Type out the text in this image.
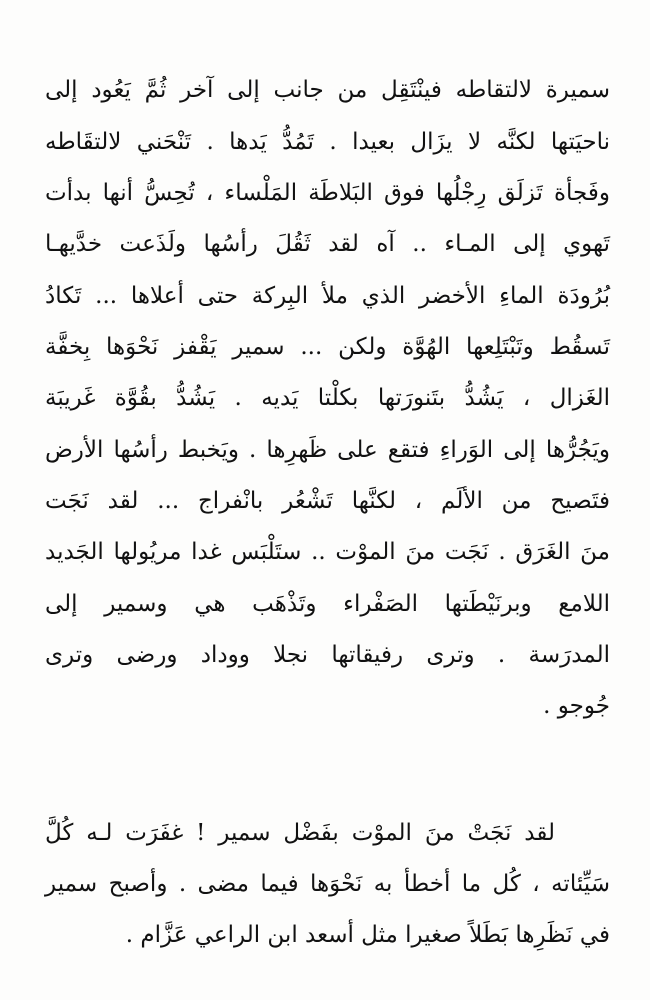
سميرة لالتقاطه فينْتَقِل من جانب إلى آخر ثُمَّ يَعُود إلى
ناحيَتها لكنَّه لا يزَال بعيدا . تَمُدُّ يَدها . تَنْحَني لالتقَاطه
وفَجأة تَزلَق رِجْلُها فوق البَلاطَة المَلْساء ، تُحِسُّ أنها بدأت
تَهوي إلى المـاء .. آه لقد ثَقُلَ رأسُها ولَذَعت خدَّيهـا
بُرُودَة الماءِ الأخضر الذي ملأ البِركة حتى أعلاها ... تَكادُ
تَسقُط وتَبْتَلِعها الهُوَّة ولكن ... سمير يَقْفز نَحْوَها بِخفَّة
الغَزال ، يَشُدُّ بتَنورَتها بكلْتا يَديه . يَشُدُّ بقُوَّة غَريبَة
ويَجُرُّها إلى الوَراءِ فتقع على ظَهرِها . ويَخبط رأسُها الأرض
فتَصيح من الألَم ، لكنَّها تَشْعُر بانْفراج ... لقد نَجَت
منَ الغَرَق . نَجَت منَ الموْت .. ستَلْبَس غدا مريُولها الجَديد
اللامع وبرنَيْطَتها الصَفْراء وتَذْهَب هي وسمير إلى
المدرَسة . وترى رفيقاتها نجلا ووداد ورضى وترى
جُوجو .
لقد نَجَتْ منَ الموْت بفَضْل سمير ! غفَرَت لـه كُلَّ
سَيِّئاته ، كُل ما أخطأ به نَحْوَها فيما مضى . وأصبح سمير
في نَظَرِها بَطَلاً صغيرا مثل أسعد ابن الراعي عَزَّام .
